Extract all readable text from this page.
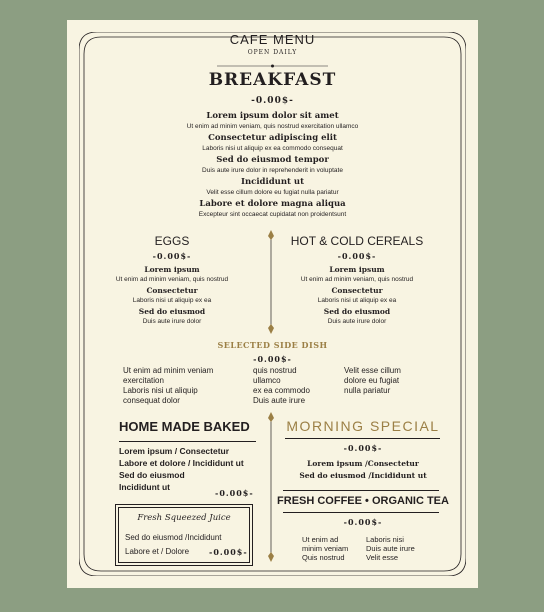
CAFE MENU
OPEN DAILY
BREAKFAST
-0.00$-
Lorem ipsum dolor sit amet
Ut enim ad minim veniam, quis nostrud exercitation ullamco
Consectetur adipiscing elit
Laboris nisi ut aliquip ex ea commodo consequat
Sed do eiusmod tempor
Duis aute irure dolor in reprehenderit in voluptate
Incididunt ut
Velit esse cillum dolore eu fugiat nulla pariatur
Labore et dolore magna aliqua
Excepteur sint occaecat cupidatat non proidentsunt
EGGS
-0.00$-
Lorem ipsum
Ut enim ad minim veniam, quis nostrud
Consectetur
Laboris nisi ut aliquip ex ea
Sed do eiusmod
Duis aute irure dolor
HOT & COLD CEREALS
-0.00$-
Lorem ipsum
Ut enim ad minim veniam, quis nostrud
Consectetur
Laboris nisi ut aliquip ex ea
Sed do eiusmod
Duis aute irure dolor
SELECTED SIDE DISH
-0.00$-
Ut enim ad minim veniam
exercitation
Laboris nisi ut aliquip
consequat dolor
quis nostrud
ullamco
ex ea commodo
Duis aute irure
Velit esse cillum
dolore eu fugiat
nulla pariatur
HOME MADE BAKED
Lorem ipsum / Consectetur
Labore et dolore / Incididunt ut
Sed do eiusmod
Incididunt ut
-0.00$-
Fresh Squeezed Juice
Sed do eiusmod /Incididunt
Labore et / Dolore	-0.00$-
MORNING SPECIAL
-0.00$-
Lorem ipsum /Consectetur
Sed do eiusmod /Incididunt ut
FRESH COFFEE • ORGANIC TEA
-0.00$-
Ut enim ad
minim veniam
Quis nostrud
Laboris nisi
Duis aute irure
Velit esse
